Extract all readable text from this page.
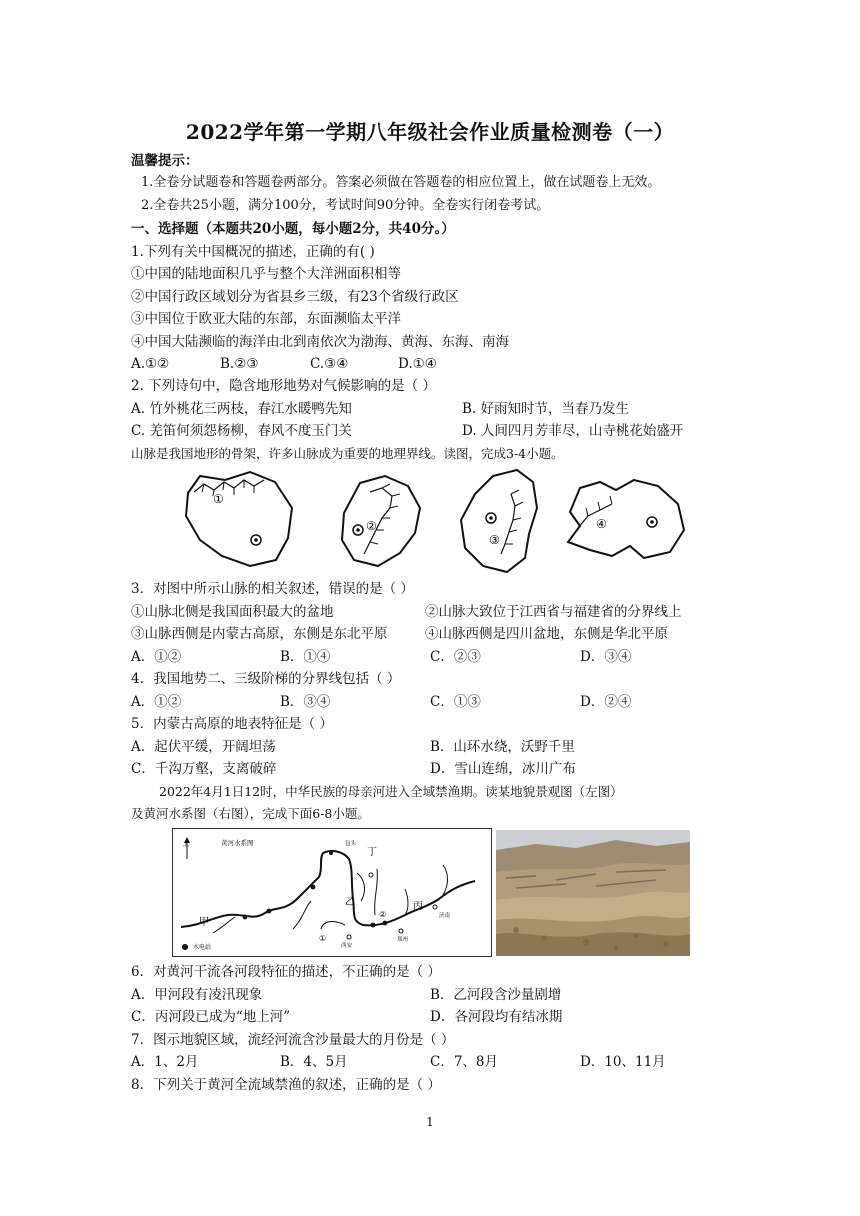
2022学年第一学期八年级社会作业质量检测卷（一）
温馨提示：
1.全卷分试题卷和答题卷两部分。答案必须做在答题卷的相应位置上，做在试题卷上无效。
2.全卷共25小题，满分100分，考试时间90分钟。全卷实行闭卷考试。
一、选择题（本题共20小题，每小题2分，共40分。）
1.下列有关中国概况的描述，正确的有( )
①中国的陆地面积几乎与整个大洋洲面积相等
②中国行政区域划分为省县乡三级，有23个省级行政区
③中国位于欧亚大陆的东部，东面濒临太平洋
④中国大陆濒临的海洋由北到南依次为渤海、黄海、东海、南海
A.①②	B.②③	C.③④	D.①④
2. 下列诗句中，隐含地形地势对气候影响的是（ ）
A. 竹外桃花三两枝，春江水暖鸭先知	B. 好雨知时节，当春乃发生
C. 羌笛何须怨杨柳，春风不度玉门关	D. 人间四月芳菲尽，山寺桃花始盛开
山脉是我国地形的骨架，许多山脉成为重要的地理界线。读图，完成3-4小题。
①
②
③
④
3．对图中所示山脉的相关叙述，错误的是（ ）
①山脉北侧是我国面积最大的盆地	②山脉大致位于江西省与福建省的分界线上
③山脉西侧是内蒙古高原，东侧是东北平原	④山脉西侧是四川盆地，东侧是华北平原
A．①②	B．①④	C．②③	D．③④
4．我国地势二、三级阶梯的分界线包括（ ）
A．①②	B．③④	C．①③	D．②④
5．内蒙古高原的地表特征是（ ）
A．起伏平缓，开阔坦荡	B．山环水绕，沃野千里
C．千沟万壑，支离破碎	D．雪山连绵，冰川广布
2022年4月1日12时，中华民族的母亲河进入全域禁渔期。读某地貌景观图（左图）
及黄河水系图（右图），完成下面6-8小题。
北	黄河水系图
甲
乙	丙
丁
①
②
包头
西安
郑州
济南
水电站
6．对黄河干流各河段特征的描述，不正确的是（ ）
A．甲河段有凌汛现象	B．乙河段含沙量剧增
C．丙河段已成为“地上河”	D．各河段均有结冰期
7．图示地貌区域，流经河流含沙量最大的月份是（ ）
A．1、2月	B．4、5月	C．7、8月	D．10、11月
8．下列关于黄河全流域禁渔的叙述，正确的是（ ）
1
